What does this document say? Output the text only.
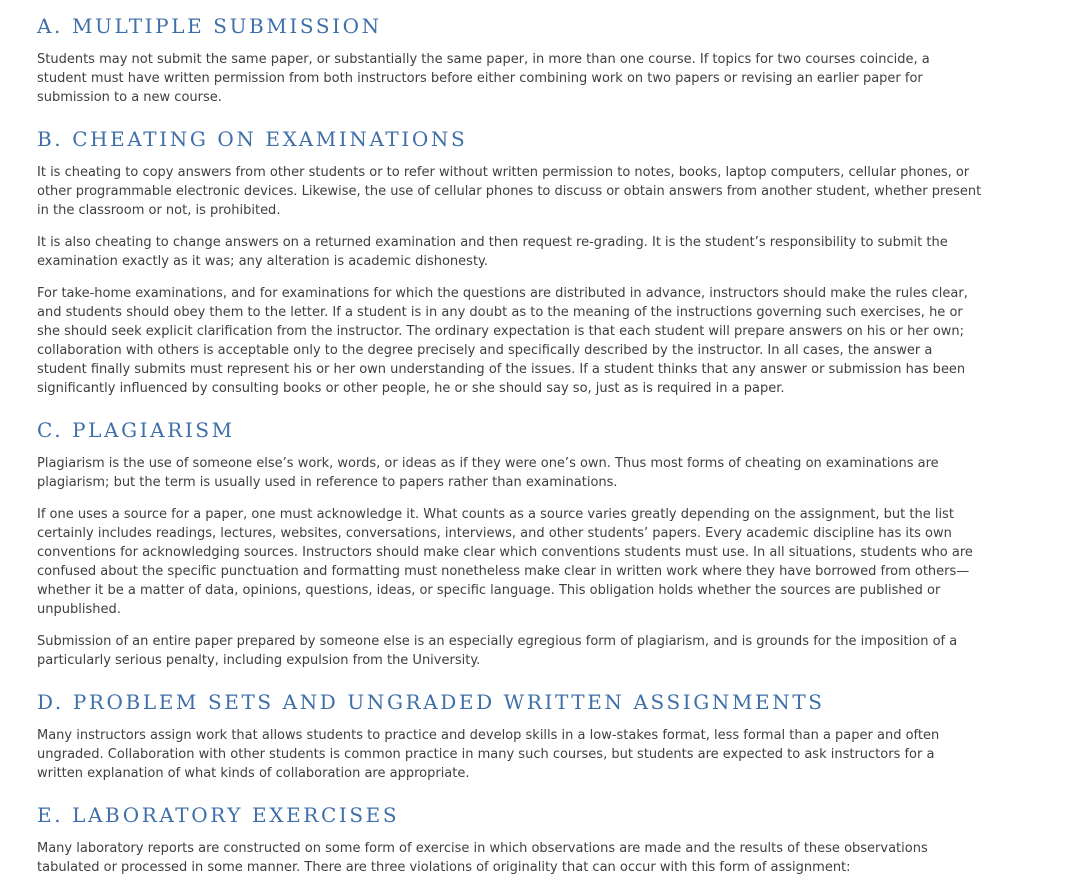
A. MULTIPLE SUBMISSION

Students may not submit the same paper, or substantially the same paper, in more than one course. If topics for two courses coincide, a student must have written permission from both instructors before either combining work on two papers or revising an earlier paper for submission to a new course.

B. CHEATING ON EXAMINATIONS

It is cheating to copy answers from other students or to refer without written permission to notes, books, laptop computers, cellular phones, or other programmable electronic devices. Likewise, the use of cellular phones to discuss or obtain answers from another student, whether present in the classroom or not, is prohibited.

It is also cheating to change answers on a returned examination and then request re-grading. It is the student’s responsibility to submit the examination exactly as it was; any alteration is academic dishonesty.

For take-home examinations, and for examinations for which the questions are distributed in advance, instructors should make the rules clear, and students should obey them to the letter. If a student is in any doubt as to the meaning of the instructions governing such exercises, he or she should seek explicit clarification from the instructor. The ordinary expectation is that each student will prepare answers on his or her own; collaboration with others is acceptable only to the degree precisely and specifically described by the instructor. In all cases, the answer a student finally submits must represent his or her own understanding of the issues. If a student thinks that any answer or submission has been significantly influenced by consulting books or other people, he or she should say so, just as is required in a paper.

C. PLAGIARISM

Plagiarism is the use of someone else’s work, words, or ideas as if they were one’s own. Thus most forms of cheating on examinations are plagiarism; but the term is usually used in reference to papers rather than examinations.

If one uses a source for a paper, one must acknowledge it. What counts as a source varies greatly depending on the assignment, but the list certainly includes readings, lectures, websites, conversations, interviews, and other students’ papers. Every academic discipline has its own conventions for acknowledging sources. Instructors should make clear which conventions students must use. In all situations, students who are confused about the specific punctuation and formatting must nonetheless make clear in written work where they have borrowed from others—whether it be a matter of data, opinions, questions, ideas, or specific language. This obligation holds whether the sources are published or unpublished.

Submission of an entire paper prepared by someone else is an especially egregious form of plagiarism, and is grounds for the imposition of a particularly serious penalty, including expulsion from the University.

D. PROBLEM SETS AND UNGRADED WRITTEN ASSIGNMENTS

Many instructors assign work that allows students to practice and develop skills in a low-stakes format, less formal than a paper and often ungraded. Collaboration with other students is common practice in many such courses, but students are expected to ask instructors for a written explanation of what kinds of collaboration are appropriate.

E. LABORATORY EXERCISES

Many laboratory reports are constructed on some form of exercise in which observations are made and the results of these observations tabulated or processed in some manner. There are three violations of originality that can occur with this form of assignment:
